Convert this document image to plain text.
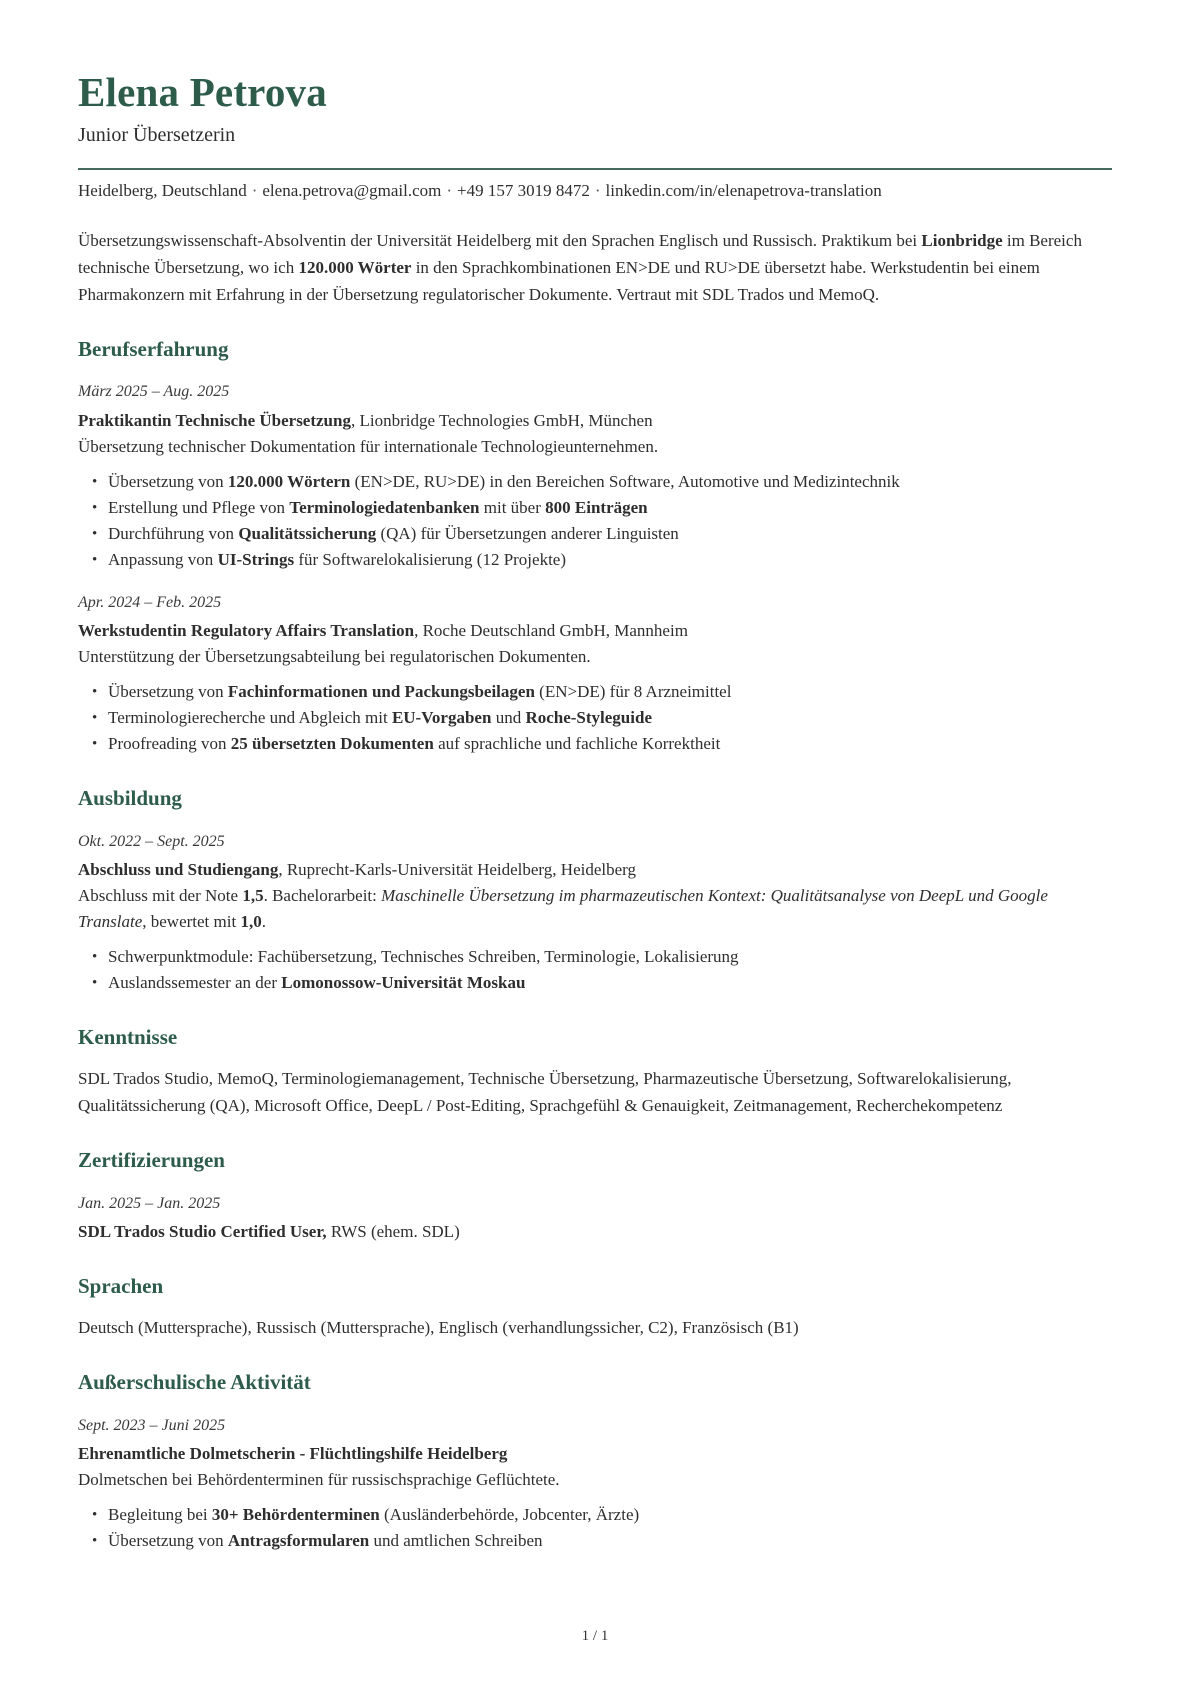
Elena Petrova
Junior Übersetzerin
Heidelberg, Deutschland · elena.petrova@gmail.com · +49 157 3019 8472 · linkedin.com/in/elenapetrova-translation

Übersetzungswissenschaft-Absolventin der Universität Heidelberg mit den Sprachen Englisch und Russisch. Praktikum bei Lionbridge im Bereich technische Übersetzung, wo ich 120.000 Wörter in den Sprachkombinationen EN>DE und RU>DE übersetzt habe. Werkstudentin bei einem Pharmakonzern mit Erfahrung in der Übersetzung regulatorischer Dokumente. Vertraut mit SDL Trados und MemoQ.

Berufserfahrung

März 2025 – Aug. 2025

Praktikantin Technische Übersetzung, Lionbridge Technologies GmbH, München

Übersetzung technischer Dokumentation für internationale Technologieunternehmen.

• Übersetzung von 120.000 Wörtern (EN>DE, RU>DE) in den Bereichen Software, Automotive und Medizintechnik
• Erstellung und Pflege von Terminologiedatenbanken mit über 800 Einträgen
• Durchführung von Qualitätssicherung (QA) für Übersetzungen anderer Linguisten
• Anpassung von UI-Strings für Softwarelokalisierung (12 Projekte)

Apr. 2024 – Feb. 2025

Werkstudentin Regulatory Affairs Translation, Roche Deutschland GmbH, Mannheim

Unterstützung der Übersetzungsabteilung bei regulatorischen Dokumenten.

• Übersetzung von Fachinformationen und Packungsbeilagen (EN>DE) für 8 Arzneimittel
• Terminologierecherche und Abgleich mit EU-Vorgaben und Roche-Styleguide
• Proofreading von 25 übersetzten Dokumenten auf sprachliche und fachliche Korrektheit
Ausbildung

Okt. 2022 – Sept. 2025

Abschluss und Studiengang, Ruprecht-Karls-Universität Heidelberg, Heidelberg

Abschluss mit der Note 1,5. Bachelorarbeit: Maschinelle Übersetzung im pharmazeutischen Kontext: Qualitätsanalyse von DeepL und Google Translate, bewertet mit 1,0.

• Schwerpunktmodule: Fachübersetzung, Technisches Schreiben, Terminologie, Lokalisierung
• Auslandssemester an der Lomonossow-Universität Moskau
Kenntnisse

SDL Trados Studio, MemoQ, Terminologiemanagement, Technische Übersetzung, Pharmazeutische Übersetzung, Softwarelokalisierung, Qualitätssicherung (QA), Microsoft Office, DeepL / Post-Editing, Sprachgefühl & Genauigkeit, Zeitmanagement, Recherchekompetenz

Zertifizierungen

Jan. 2025 – Jan. 2025

SDL Trados Studio Certified User, RWS (ehem. SDL)

Sprachen

Deutsch (Muttersprache), Russisch (Muttersprache), Englisch (verhandlungssicher, C2), Französisch (B1)

Außerschulische Aktivität

Sept. 2023 – Juni 2025

Ehrenamtliche Dolmetscherin - Flüchtlingshilfe Heidelberg

Dolmetschen bei Behördenterminen für russischsprachige Geflüchtete.

• Begleitung bei 30+ Behördenterminen (Ausländerbehörde, Jobcenter, Ärzte)
• Übersetzung von Antragsformularen und amtlichen Schreiben
1 / 1
